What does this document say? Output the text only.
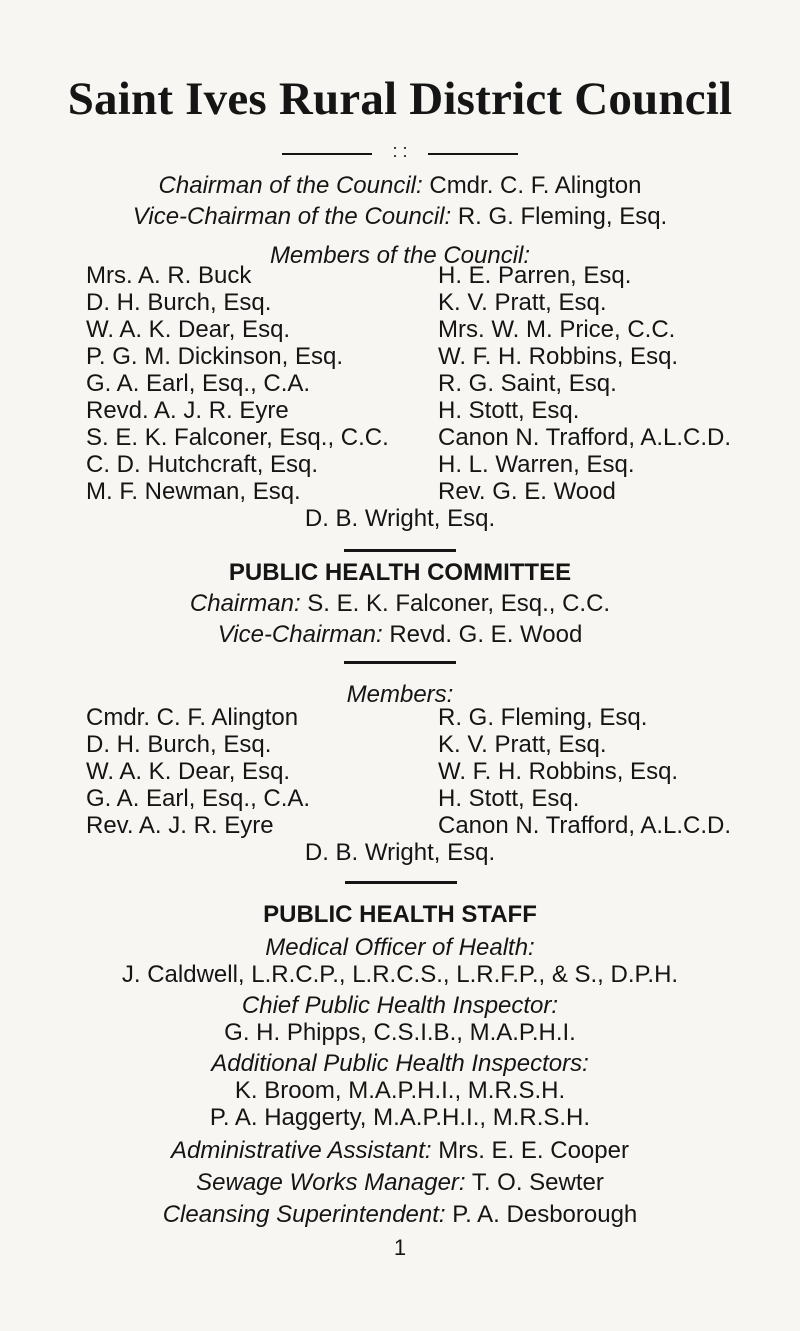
Saint Ives Rural District Council
: :
Chairman of the Council: Cmdr. C. F. Alington
Vice-Chairman of the Council: R. G. Fleming, Esq.
Members of the Council:
Mrs. A. R. Buck
D. H. Burch, Esq.
W. A. K. Dear, Esq.
P. G. M. Dickinson, Esq.
G. A. Earl, Esq., C.A.
Revd. A. J. R. Eyre
S. E. K. Falconer, Esq., C.C.
C. D. Hutchcraft, Esq.
M. F. Newman, Esq.
H. E. Parren, Esq.
K. V. Pratt, Esq.
Mrs. W. M. Price, C.C.
W. F. H. Robbins, Esq.
R. G. Saint, Esq.
H. Stott, Esq.
Canon N. Trafford, A.L.C.D.
H. L. Warren, Esq.
Rev. G. E. Wood
D. B. Wright, Esq.
PUBLIC HEALTH COMMITTEE
Chairman: S. E. K. Falconer, Esq., C.C.
Vice-Chairman: Revd. G. E. Wood
Members:
Cmdr. C. F. Alington
D. H. Burch, Esq.
W. A. K. Dear, Esq.
G. A. Earl, Esq., C.A.
Rev. A. J. R. Eyre
R. G. Fleming, Esq.
K. V. Pratt, Esq.
W. F. H. Robbins, Esq.
H. Stott, Esq.
Canon N. Trafford, A.L.C.D.
D. B. Wright, Esq.
PUBLIC HEALTH STAFF
Medical Officer of Health:
J. Caldwell, L.R.C.P., L.R.C.S., L.R.F.P., & S., D.P.H.
Chief Public Health Inspector:
G. H. Phipps, C.S.I.B., M.A.P.H.I.
Additional Public Health Inspectors:
K. Broom, M.A.P.H.I., M.R.S.H.
P. A. Haggerty, M.A.P.H.I., M.R.S.H.
Administrative Assistant: Mrs. E. E. Cooper
Sewage Works Manager: T. O. Sewter
Cleansing Superintendent: P. A. Desborough
1
